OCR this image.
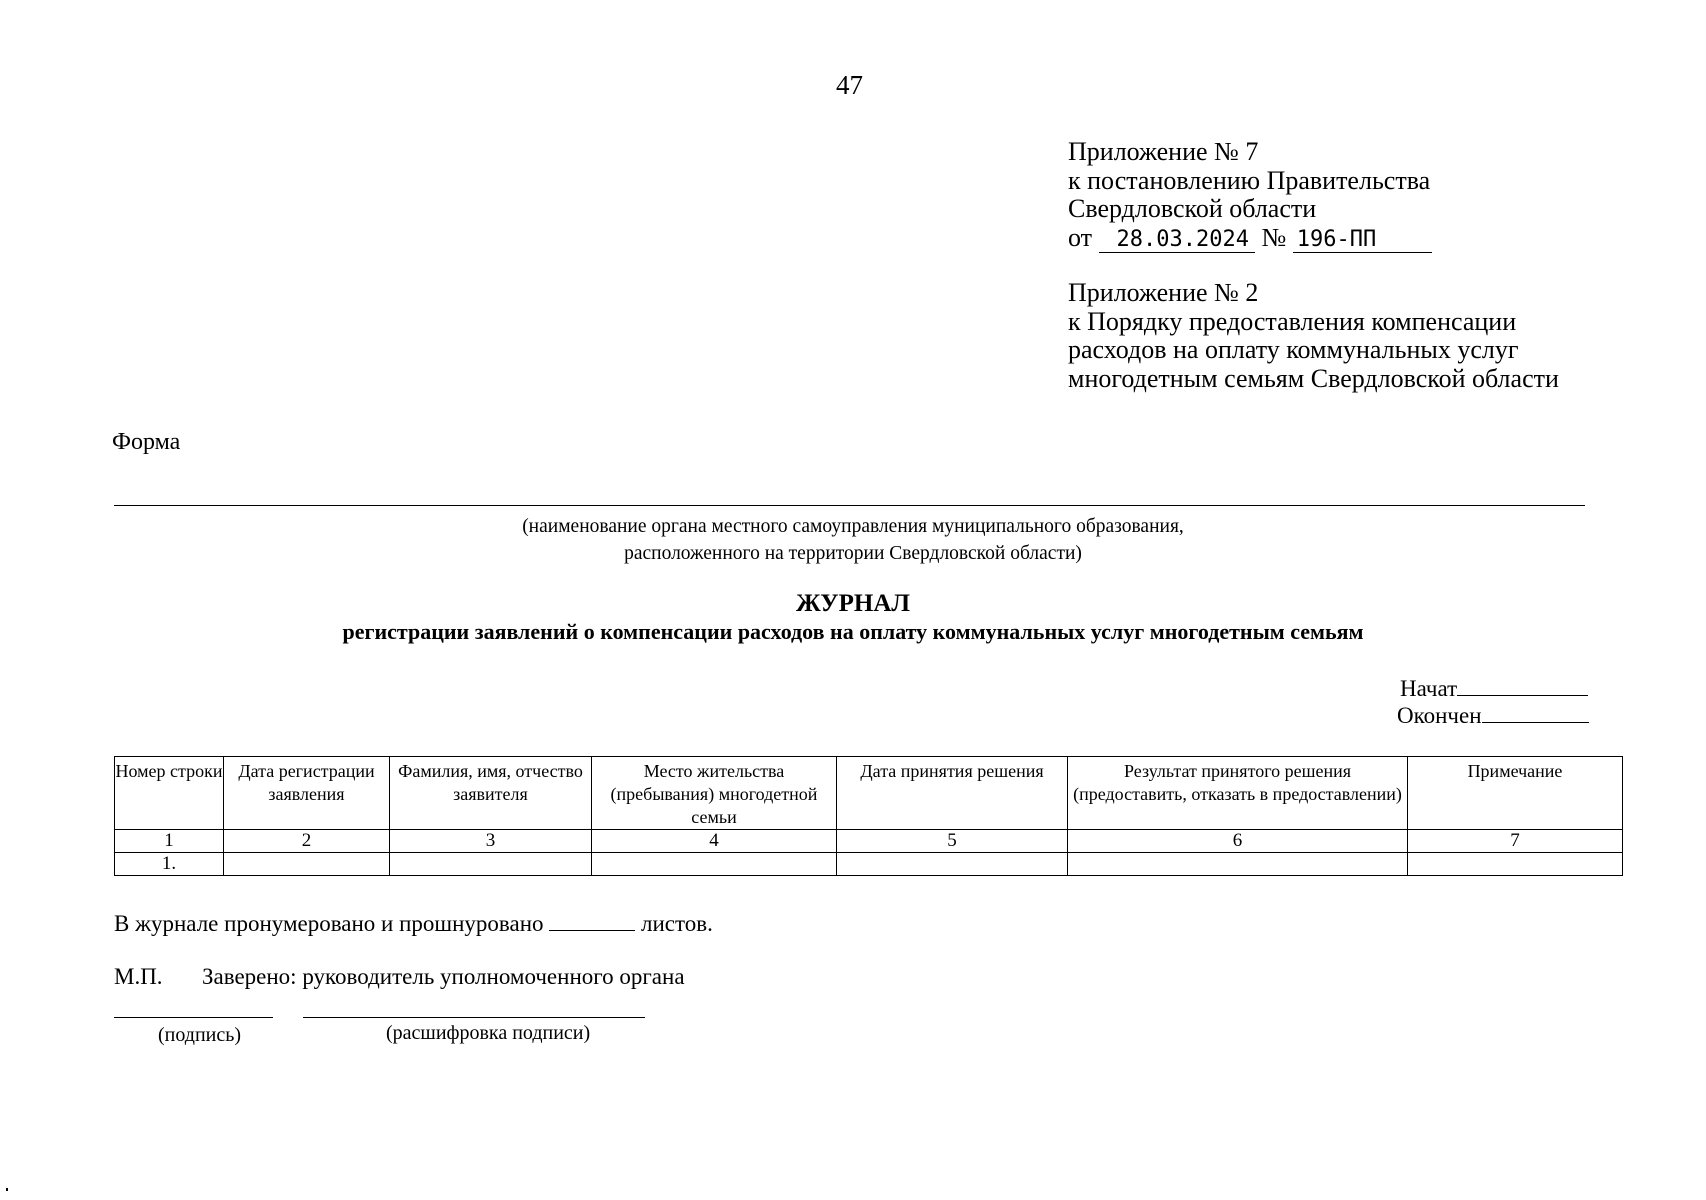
47
Приложение № 7
к постановлению Правительства
Свердловской области
от 28.03.2024 № 196-ПП
Приложение № 2
к Порядку предоставления компенсации
расходов на оплату коммунальных услуг
многодетным семьям Свердловской области
Форма
(наименование органа местного самоуправления муниципального образования,
расположенного на территории Свердловской области)
ЖУРНАЛ
регистрации заявлений о компенсации расходов на оплату коммунальных услуг многодетным семьям
Начат
Окончен
Номер строки	Дата регистрации заявления	Фамилия, имя, отчество заявителя	Место жительства (пребывания) многодетной семьи	Дата принятия решения	Результат принятого решения (предоставить, отказать в предоставлении)	Примечание
1	2	3	4	5	6	7
1.						
В журнале пронумеровано и прошнуровано	листов.
М.П. Заверено: руководитель уполномоченного органа
(подпись)	(расшифровка подписи)
